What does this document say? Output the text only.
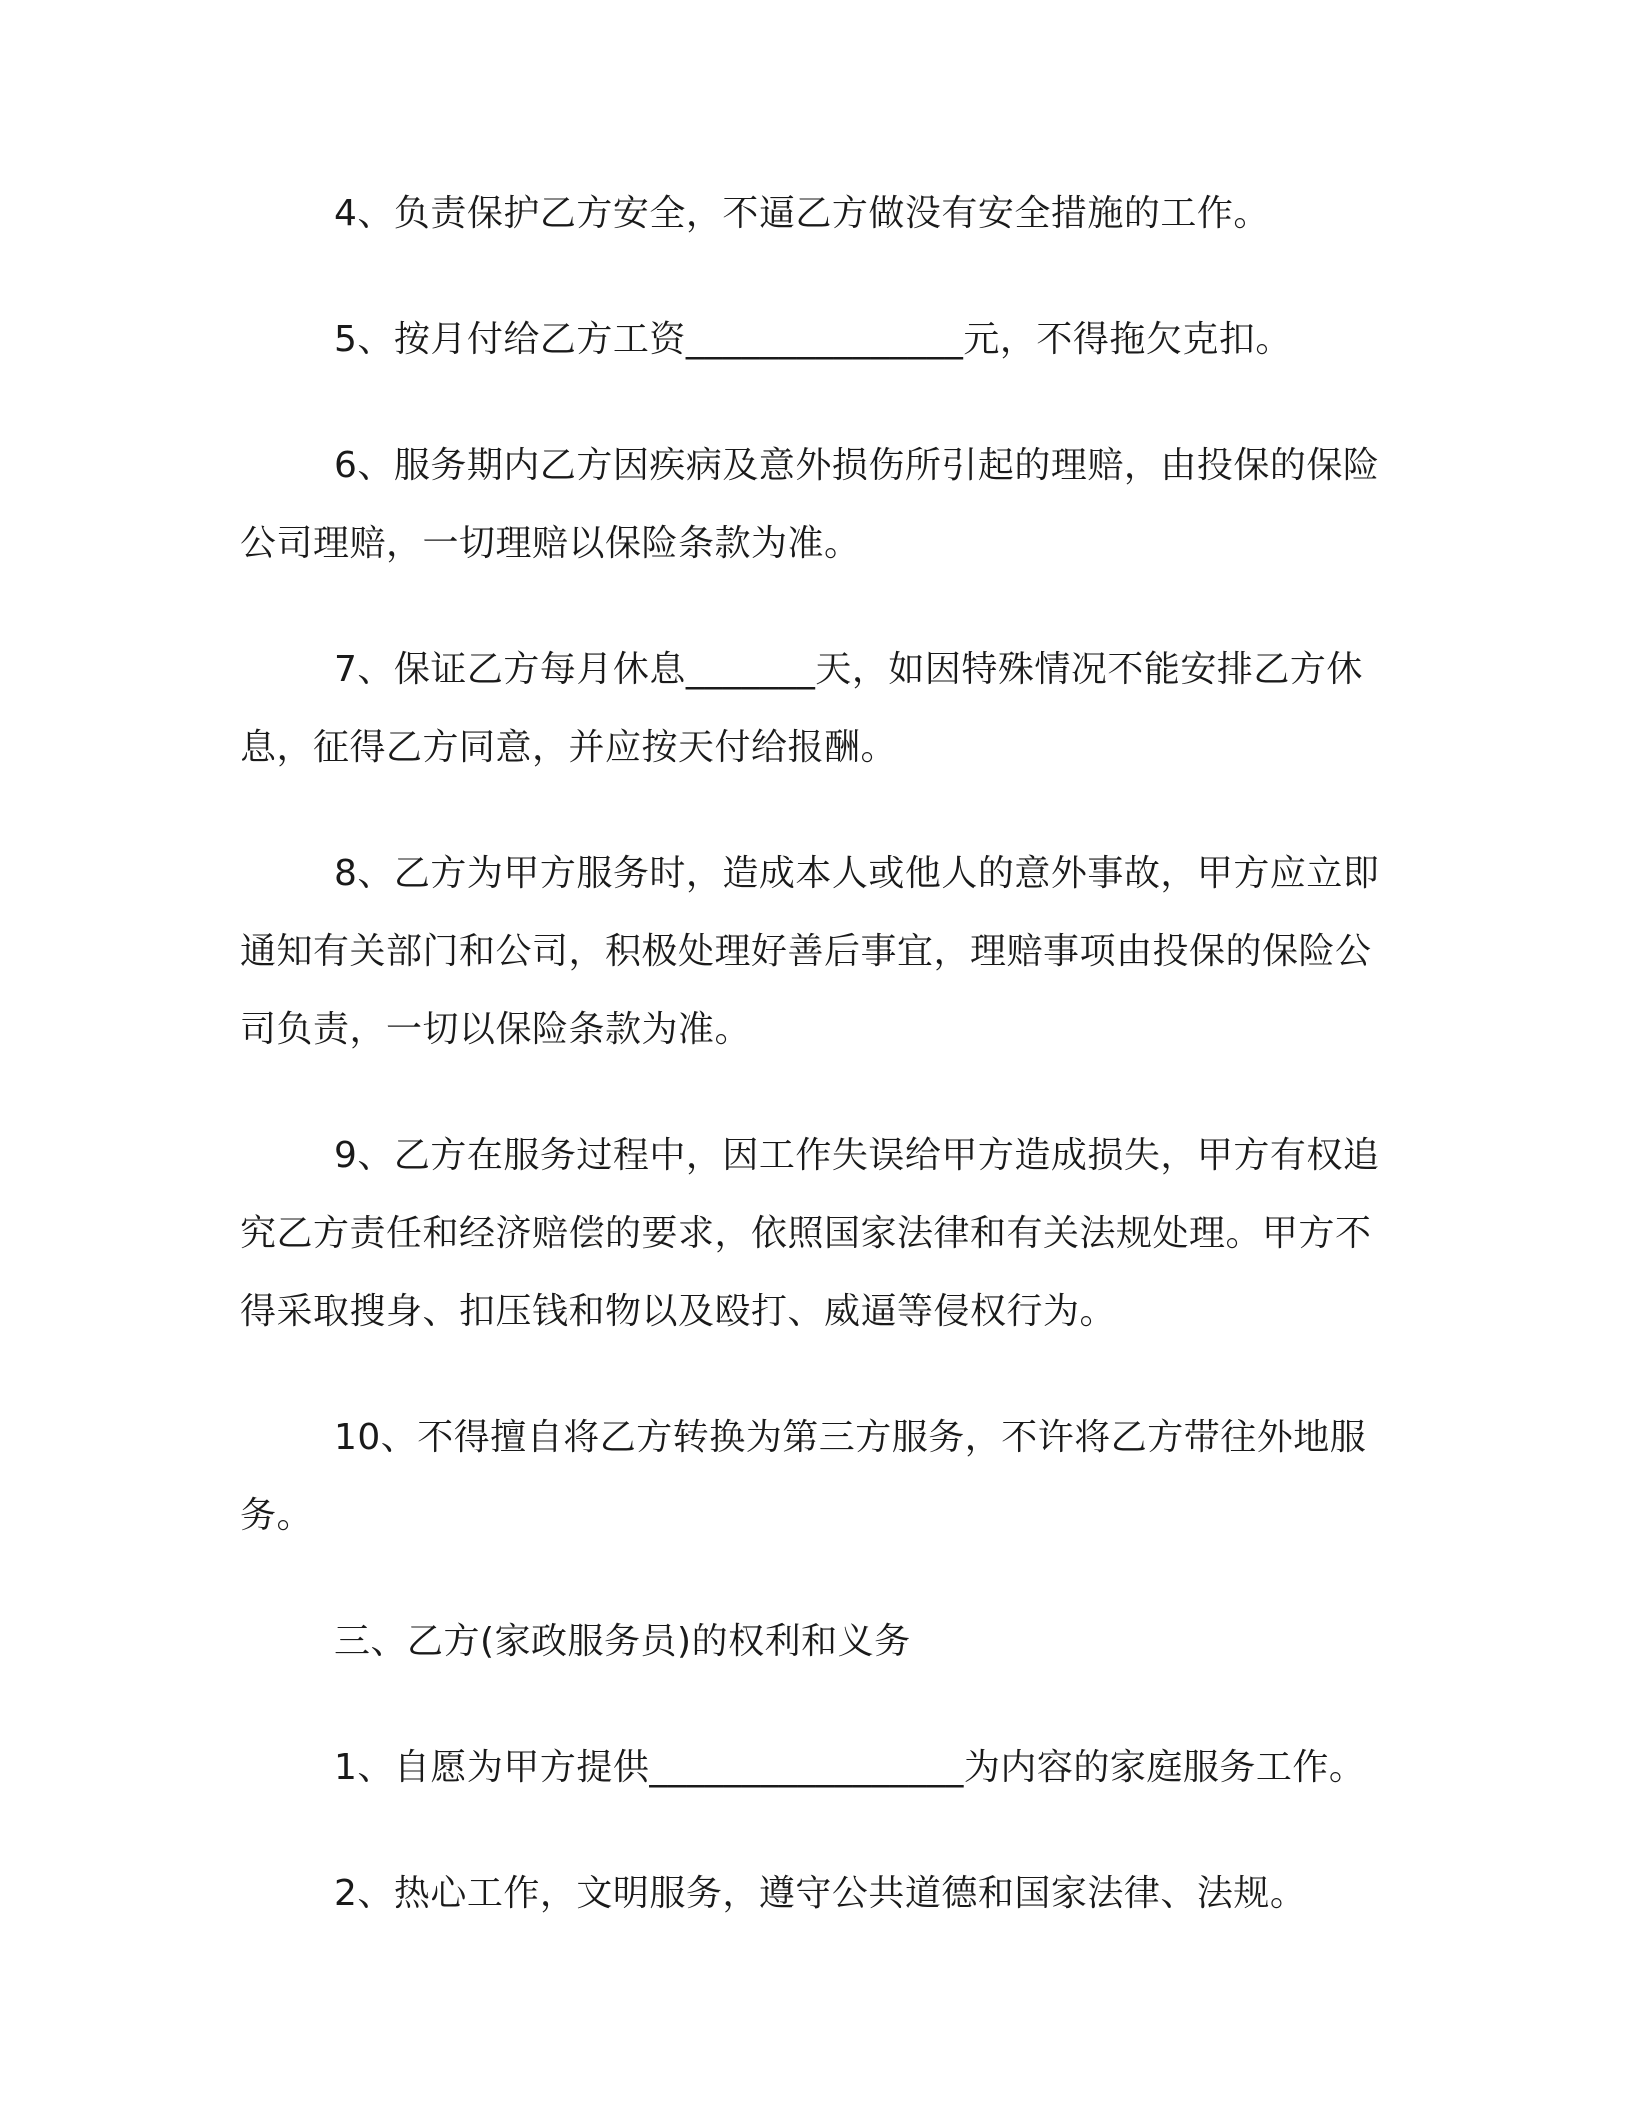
4、负责保护乙方安全，不逼乙方做没有安全措施的工作。

5、按月付给乙方工资_______________元，不得拖欠克扣。

6、服务期内乙方因疾病及意外损伤所引起的理赔，由投保的保险公司理赔，一切理赔以保险条款为准。

7、保证乙方每月休息_______天，如因特殊情况不能安排乙方休息，征得乙方同意，并应按天付给报酬。

8、乙方为甲方服务时，造成本人或他人的意外事故，甲方应立即通知有关部门和公司，积极处理好善后事宜，理赔事项由投保的保险公司负责，一切以保险条款为准。

9、乙方在服务过程中，因工作失误给甲方造成损失，甲方有权追究乙方责任和经济赔偿的要求，依照国家法律和有关法规处理。甲方不得采取搜身、扣压钱和物以及殴打、威逼等侵权行为。

10、不得擅自将乙方转换为第三方服务，不许将乙方带往外地服务。

三、乙方(家政服务员)的权利和义务

1、自愿为甲方提供_________________为内容的家庭服务工作。

2、热心工作，文明服务，遵守公共道德和国家法律、法规。
